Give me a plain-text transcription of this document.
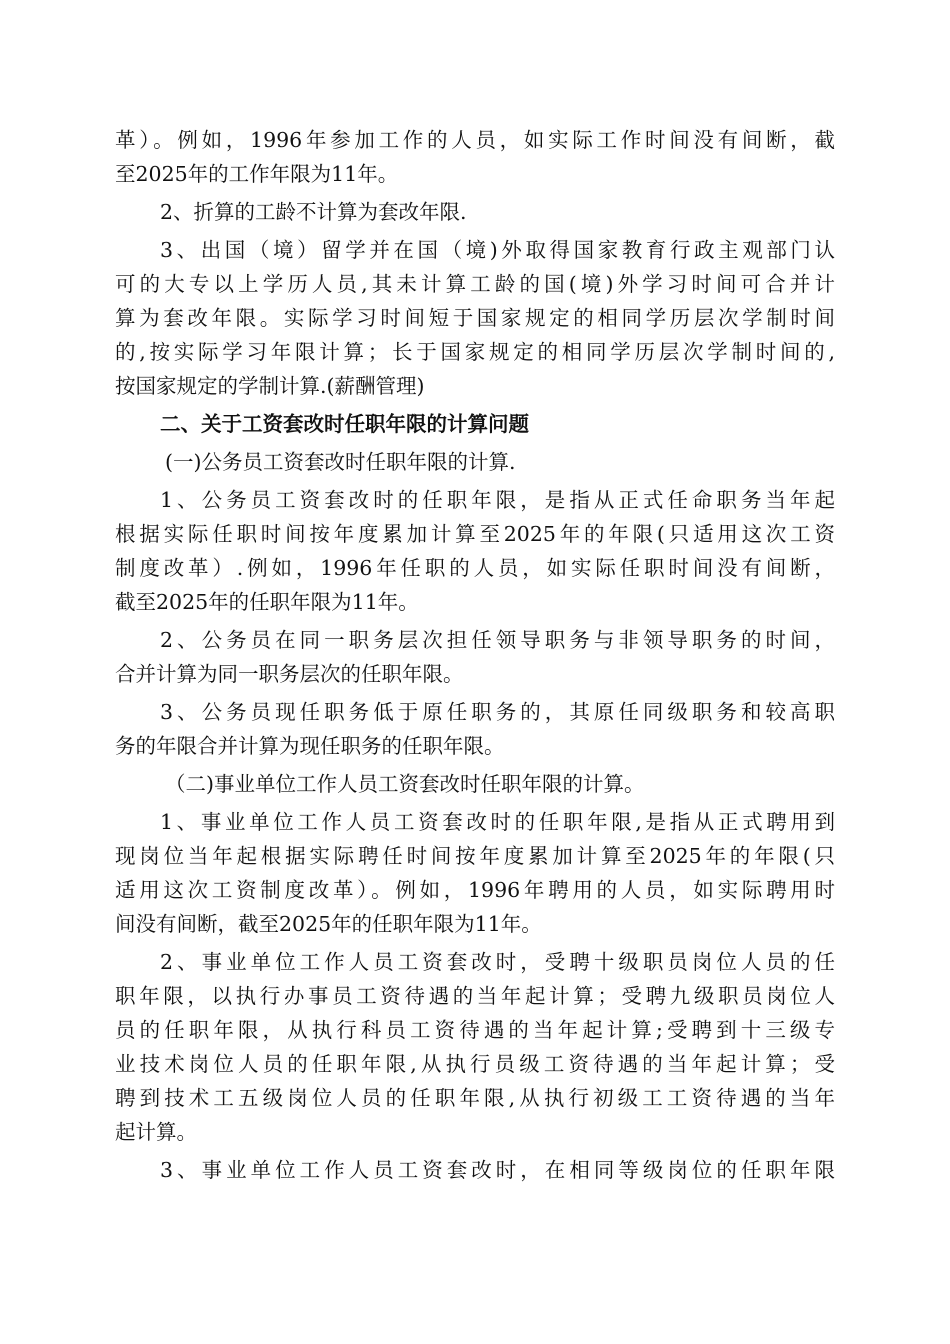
革）。例如，1996年参加工作的人员，如实际工作时间没有间断，截
至2025年的工作年限为11年。
2、折算的工龄不计算为套改年限.
3、出国（境）留学并在国（境)外取得国家教育行政主观部门认
可的大专以上学历人员,其未计算工龄的国(境)外学习时间可合并计
算为套改年限。实际学习时间短于国家规定的相同学历层次学制时间
的,按实际学习年限计算；长于国家规定的相同学历层次学制时间的,
按国家规定的学制计算.(薪酬管理)
二、关于工资套改时任职年限的计算问题
(一)公务员工资套改时任职年限的计算.
1、公务员工资套改时的任职年限，是指从正式任命职务当年起
根据实际任职时间按年度累加计算至2025年的年限(只适用这次工资
制度改革）.例如，1996年任职的人员，如实际任职时间没有间断，
截至2025年的任职年限为11年。
2、公务员在同一职务层次担任领导职务与非领导职务的时间，
合并计算为同一职务层次的任职年限。
3、公务员现任职务低于原任职务的，其原任同级职务和较高职
务的年限合并计算为现任职务的任职年限。
（二)事业单位工作人员工资套改时任职年限的计算。
1、事业单位工作人员工资套改时的任职年限,是指从正式聘用到
现岗位当年起根据实际聘任时间按年度累加计算至2025年的年限(只
适用这次工资制度改革）。例如，1996年聘用的人员，如实际聘用时
间没有间断，截至2025年的任职年限为11年。
2、事业单位工作人员工资套改时，受聘十级职员岗位人员的任
职年限，以执行办事员工资待遇的当年起计算；受聘九级职员岗位人
员的任职年限，从执行科员工资待遇的当年起计算;受聘到十三级专
业技术岗位人员的任职年限,从执行员级工资待遇的当年起计算；受
聘到技术工五级岗位人员的任职年限,从执行初级工工资待遇的当年
起计算。
3、事业单位工作人员工资套改时，在相同等级岗位的任职年限
